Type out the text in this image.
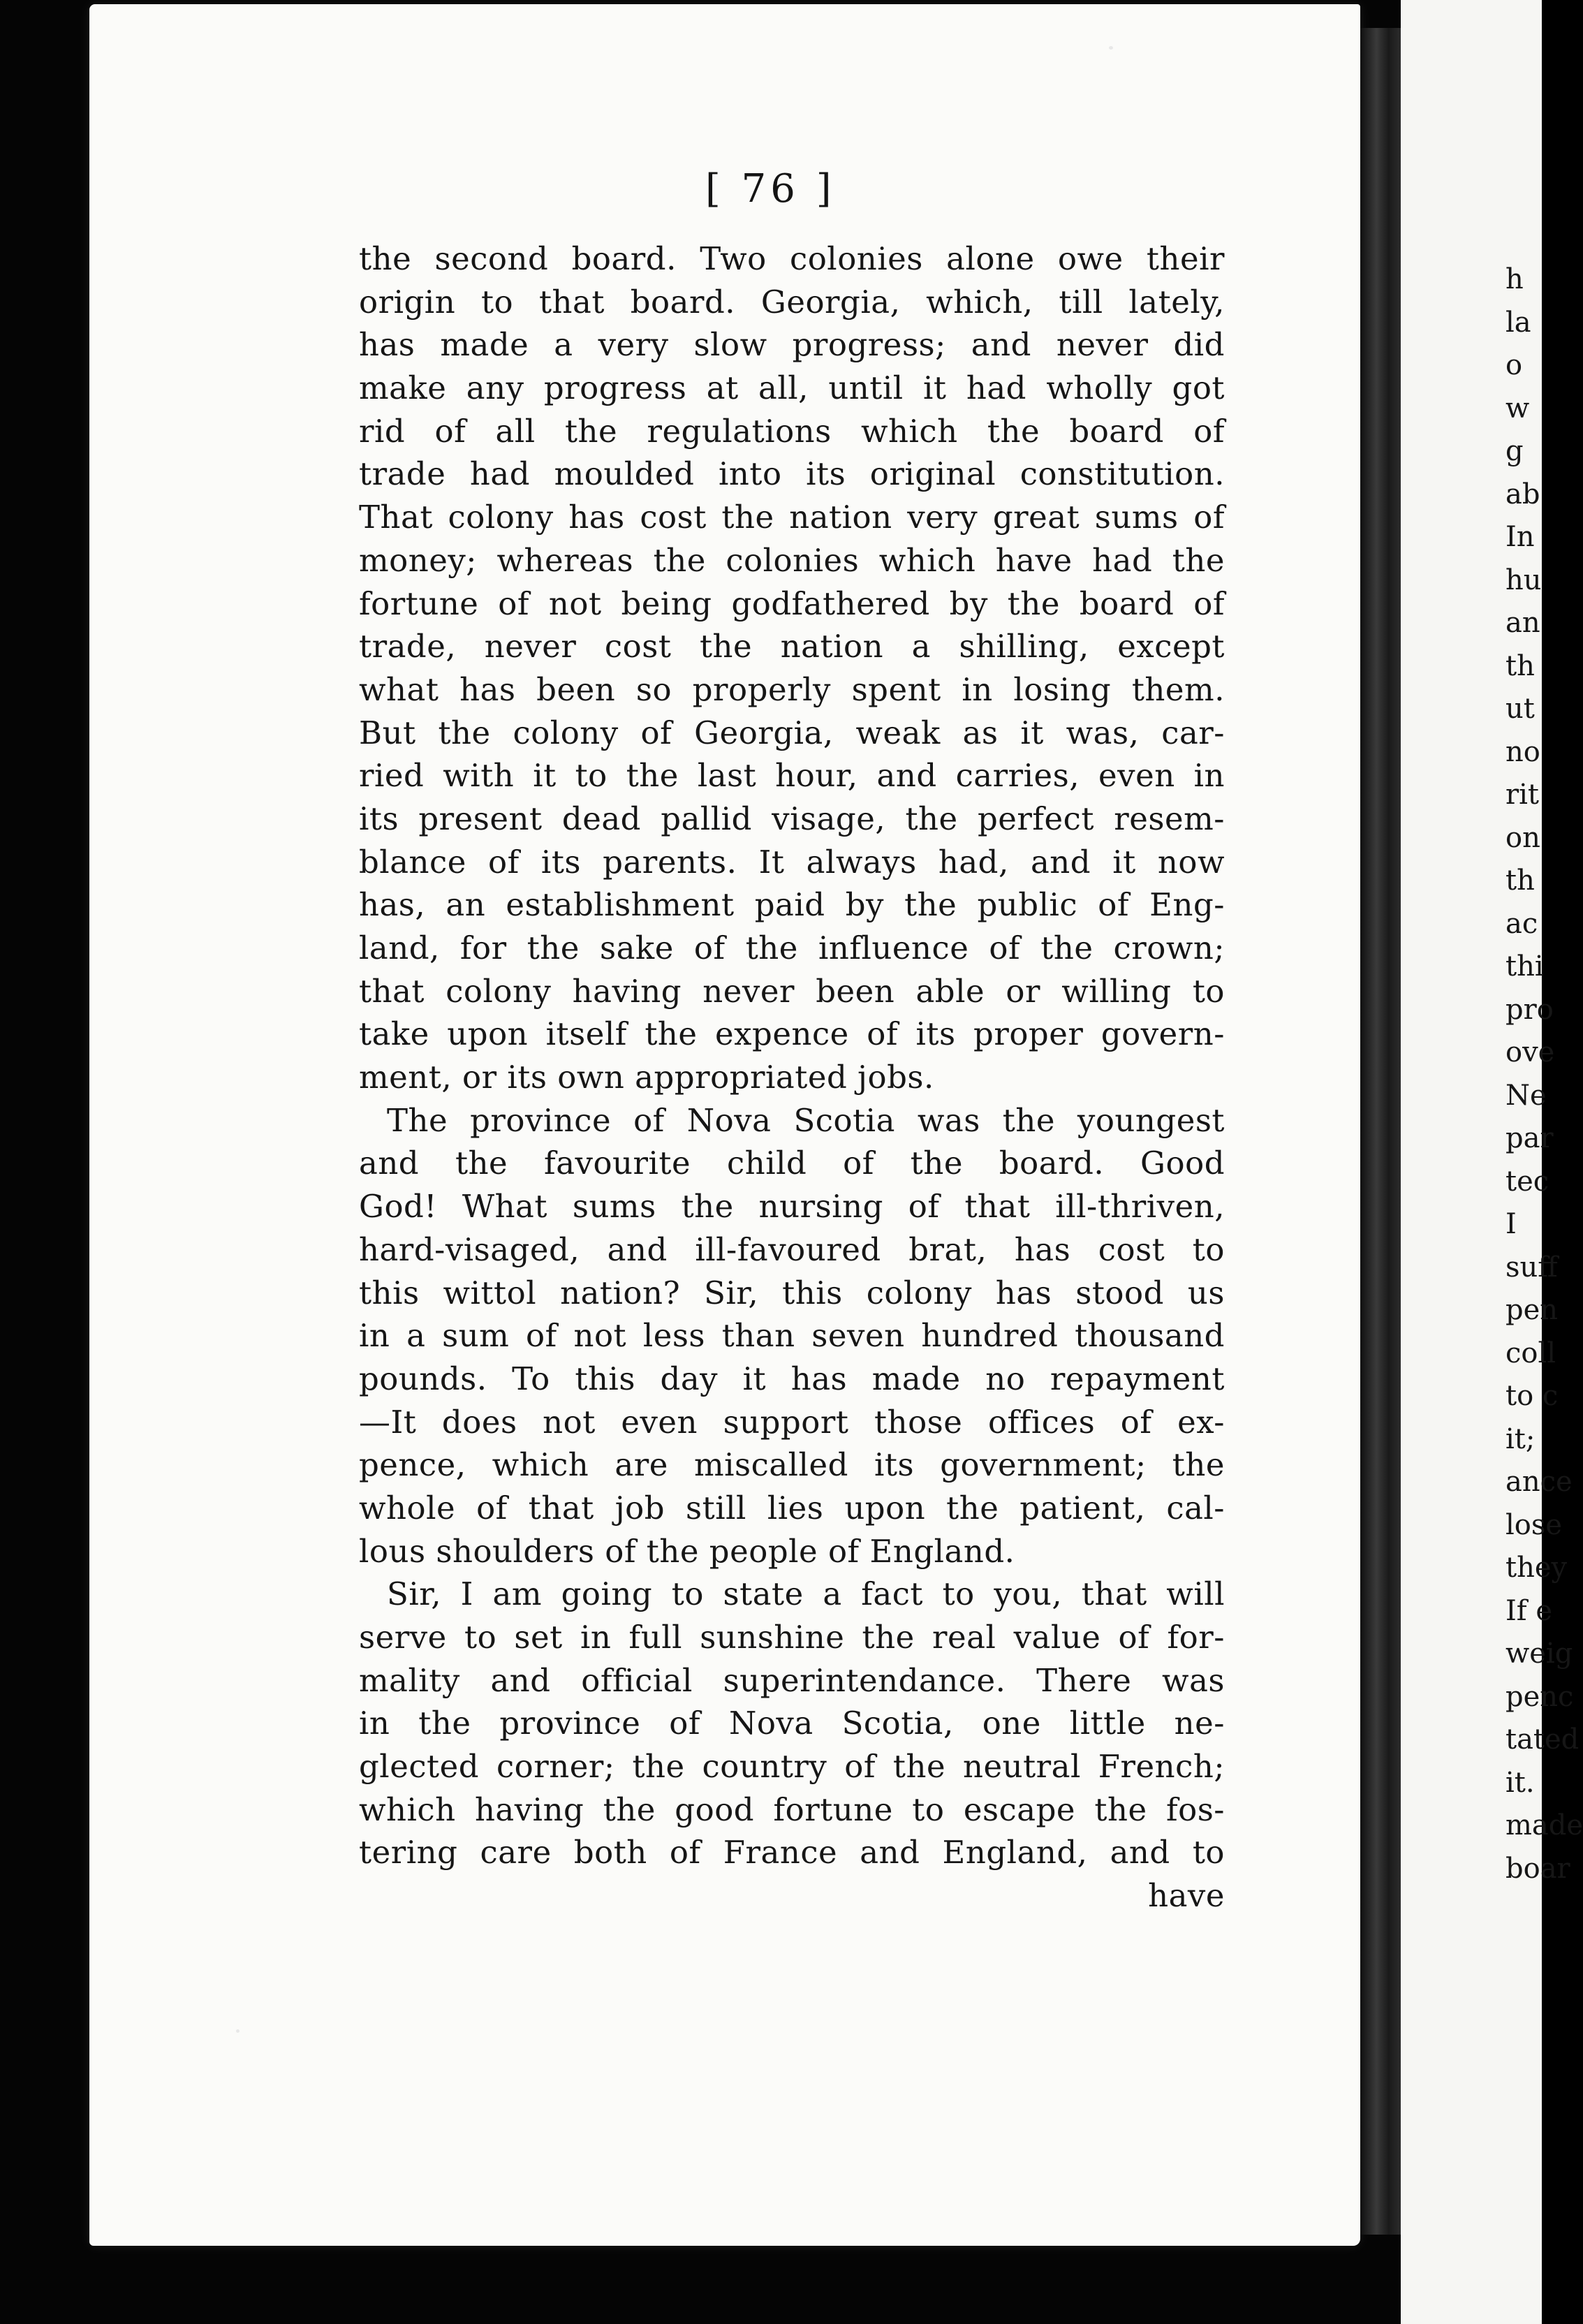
[ 76 ]

the second board. Two colonies alone owe their
origin to that board. Georgia, which, till lately,
has made a very slow progress; and never did
make any progress at all, until it had wholly got
rid of all the regulations which the board of
trade had moulded into its original constitution.
That colony has cost the nation very great sums of
money; whereas the colonies which have had the
fortune of not being godfathered by the board of
trade, never cost the nation a shilling, except
what has been so properly spent in losing them.
But the colony of Georgia, weak as it was, car-
ried with it to the last hour, and carries, even in
its present dead pallid visage, the perfect resem-
blance of its parents. It always had, and it now
has, an establishment paid by the public of Eng-
land, for the sake of the influence of the crown;
that colony having never been able or willing to
take upon itself the expence of its proper govern-
ment, or its own appropriated jobs.
The province of Nova Scotia was the youngest
and the favourite child of the board. Good
God! What sums the nursing of that ill-thriven,
hard-visaged, and ill-favoured brat, has cost to
this wittol nation? Sir, this colony has stood us
in a sum of not less than seven hundred thousand
pounds. To this day it has made no repayment
—It does not even support those offices of ex-
pence, which are miscalled its government; the
whole of that job still lies upon the patient, cal-
lous shoulders of the people of England.
Sir, I am going to state a fact to you, that will
serve to set in full sunshine the real value of for-
mality and official superintendance. There was
in the province of Nova Scotia, one little ne-
glected corner; the country of the neutral French;
which having the good fortune to escape the fos-
tering care both of France and England, and to
have
h
la
o
w
g
ab
In
hu
an
th
ut
no
rit
on
th
ac
thi
pro
ove
Ne
par
tec
I
suff
pen
coll
to c
it;
ance
lose
they
If e
weig
penc
tated
it.
made
boar
